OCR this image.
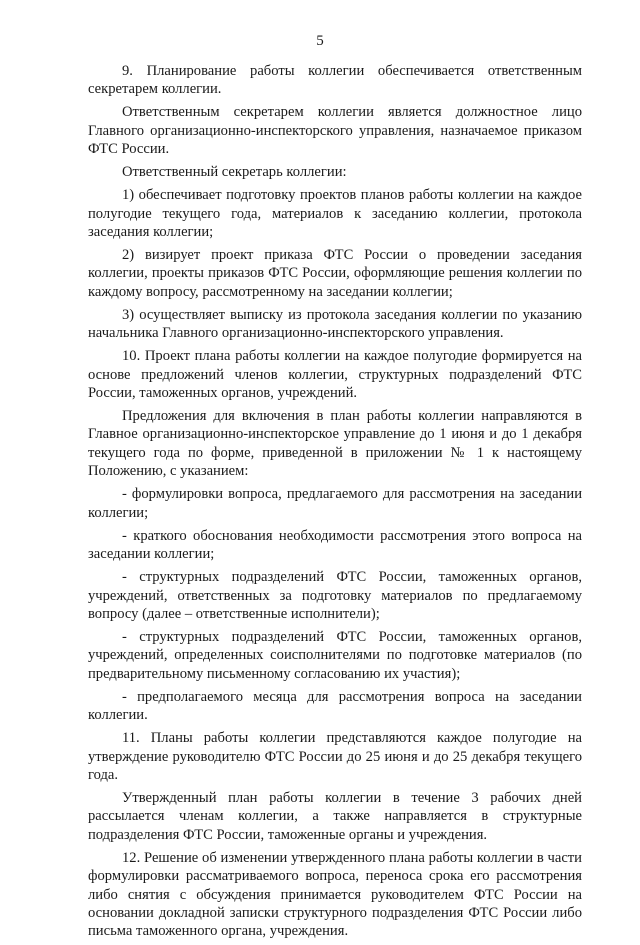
5

9. Планирование работы коллегии обеспечивается ответственным секретарем коллегии.

Ответственным секретарем коллегии является должностное лицо Главного организационно-инспекторского управления, назначаемое приказом ФТС России.

Ответственный секретарь коллегии:

1) обеспечивает подготовку проектов планов работы коллегии на каждое полугодие текущего года, материалов к заседанию коллегии, протокола заседания коллегии;

2) визирует проект приказа ФТС России о проведении заседания коллегии, проекты приказов ФТС России, оформляющие решения коллегии по каждому вопросу, рассмотренному на заседании коллегии;

3) осуществляет выписку из протокола заседания коллегии по указанию начальника Главного организационно-инспекторского управления.

10. Проект плана работы коллегии на каждое полугодие формируется на основе предложений членов коллегии, структурных подразделений ФТС России, таможенных органов, учреждений.

Предложения для включения в план работы коллегии направляются в Главное организационно-инспекторское управление до 1 июня и до 1 декабря текущего года по форме, приведенной в приложении № 1 к настоящему Положению, с указанием:

- формулировки вопроса, предлагаемого для рассмотрения на заседании коллегии;

- краткого обоснования необходимости рассмотрения этого вопроса на заседании коллегии;

- структурных подразделений ФТС России, таможенных органов, учреждений, ответственных за подготовку материалов по предлагаемому вопросу (далее – ответственные исполнители);

- структурных подразделений ФТС России, таможенных органов, учреждений, определенных соисполнителями по подготовке материалов (по предварительному письменному согласованию их участия);

- предполагаемого месяца для рассмотрения вопроса на заседании коллегии.

11. Планы работы коллегии представляются каждое полугодие на утверждение руководителю ФТС России до 25 июня и до 25 декабря текущего года.

Утвержденный план работы коллегии в течение 3 рабочих дней рассылается членам коллегии, а также направляется в структурные подразделения ФТС России, таможенные органы и учреждения.

12. Решение об изменении утвержденного плана работы коллегии в части формулировки рассматриваемого вопроса, переноса срока его рассмотрения либо снятия с обсуждения принимается руководителем ФТС России на основании докладной записки структурного подразделения ФТС России либо письма таможенного органа, учреждения.
